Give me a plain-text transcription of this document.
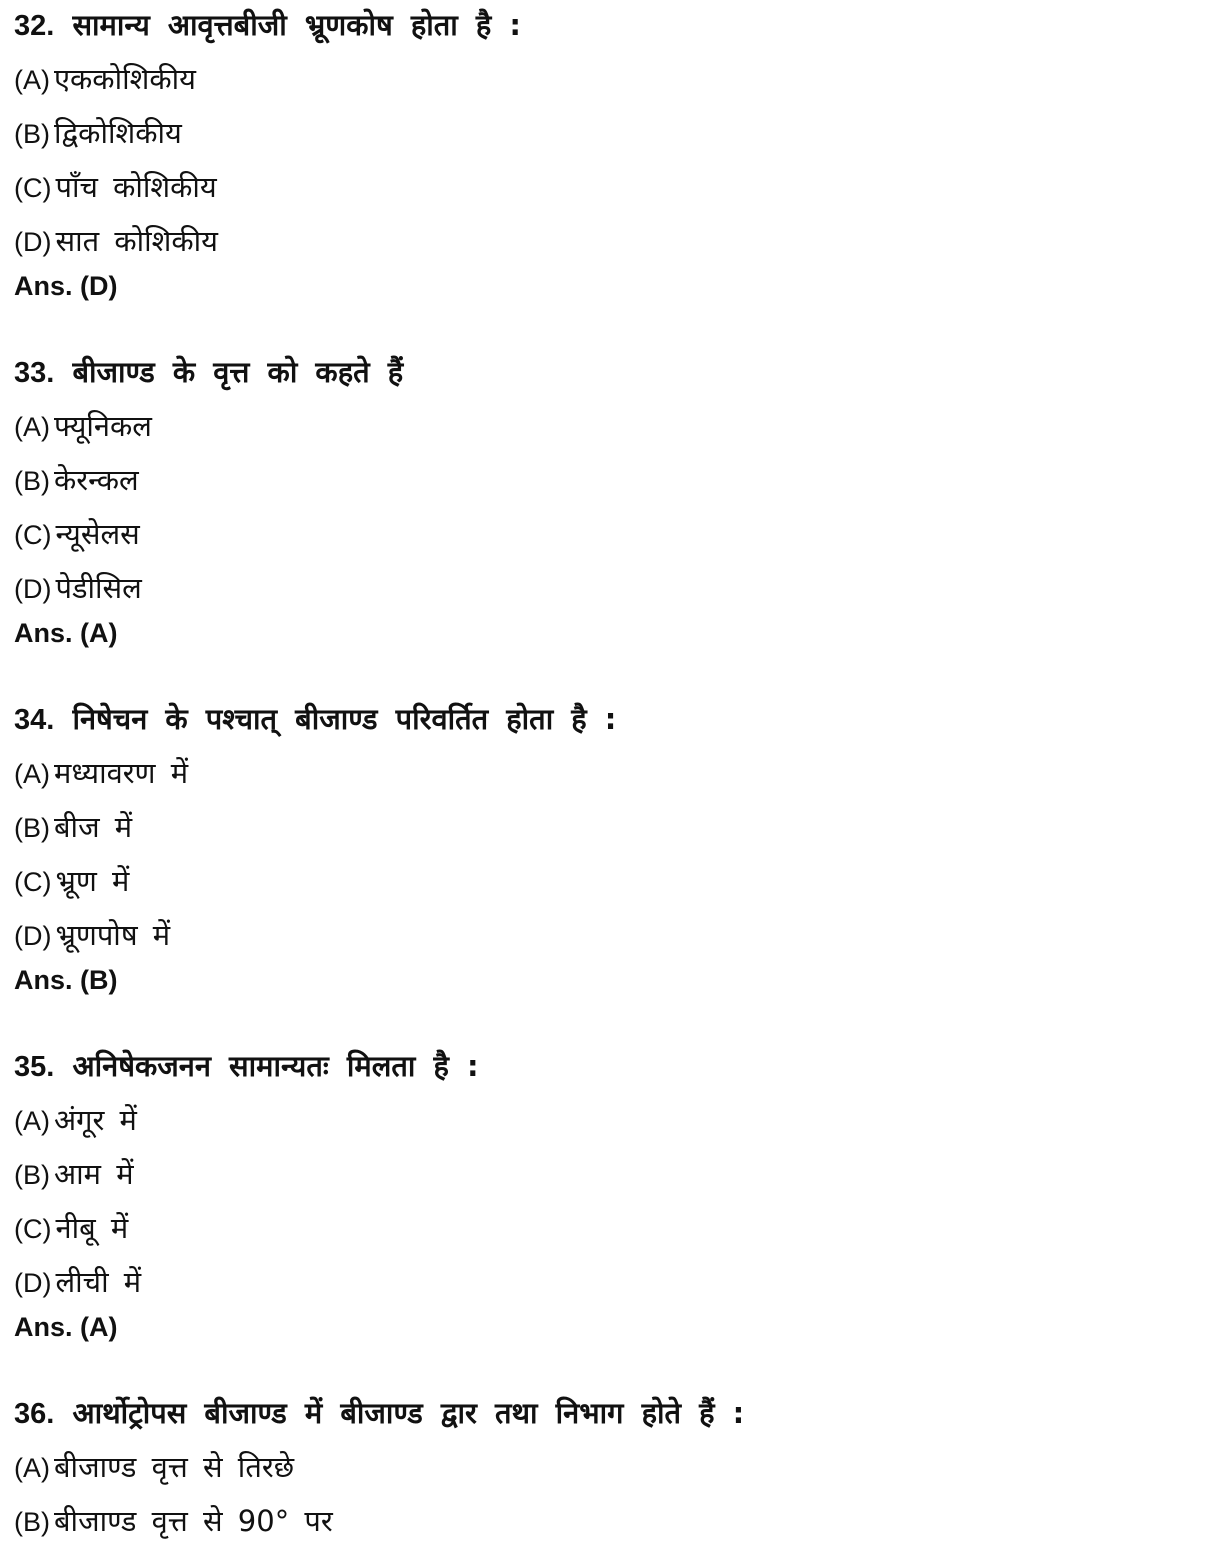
32. सामान्य आवृत्तबीजी भ्रूणकोष होता है :
(A) एककोशिकीय
(B) द्विकोशिकीय
(C) पाँच कोशिकीय
(D) सात कोशिकीय
Ans. (D)
33. बीजाण्ड के वृत्त को कहते हैं
(A) फ्यूनिकल
(B) केरन्कल
(C) न्यूसेलस
(D) पेडीसिल
Ans. (A)
34. निषेचन के पश्चात् बीजाण्ड परिवर्तित होता है :
(A) मध्यावरण में
(B) बीज में
(C) भ्रूण में
(D) भ्रूणपोष में
Ans. (B)
35. अनिषेकजनन सामान्यतः मिलता है :
(A) अंगूर में
(B) आम में
(C) नीबू में
(D) लीची में
Ans. (A)
36. आर्थोट्रोपस बीजाण्ड में बीजाण्ड द्वार तथा निभाग होते हैं :
(A) बीजाण्ड वृत्त से तिरछे
(B) बीजाण्ड वृत्त से 90° पर
